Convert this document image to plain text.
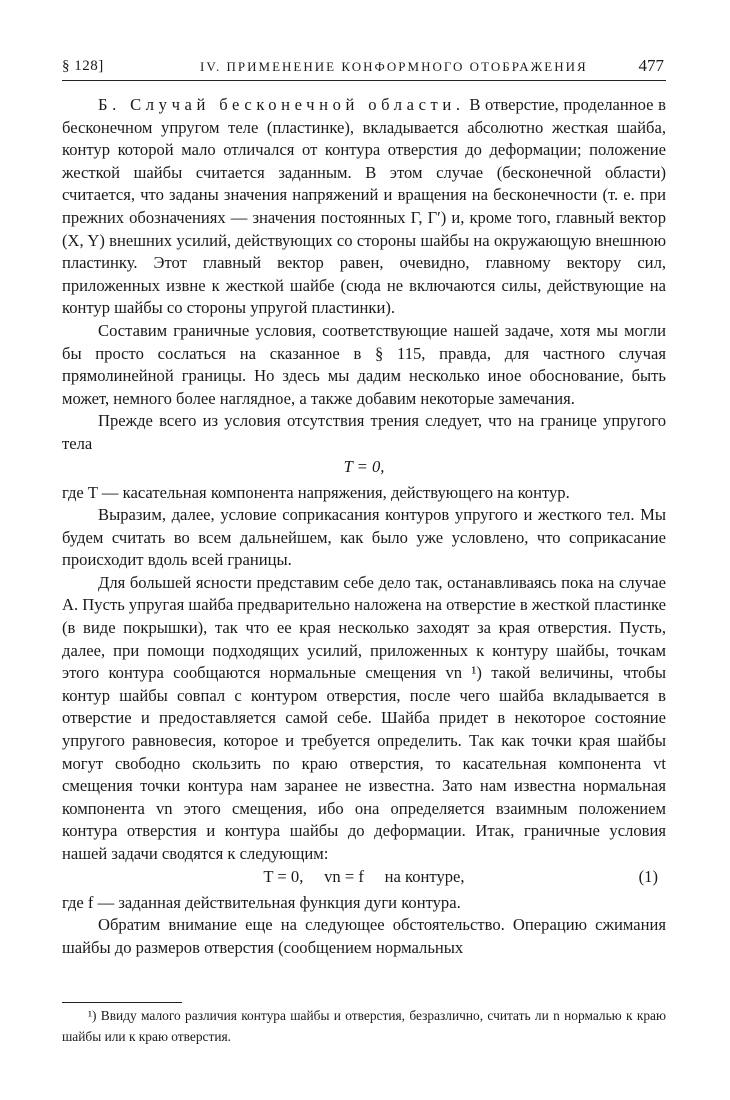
§ 128]	IV. ПРИМЕНЕНИЕ КОНФОРМНОГО ОТОБРАЖЕНИЯ	477

Б. Случай бесконечной области. В отверстие, проделанное в бесконечном упругом теле (пластинке), вкладывается абсолютно жесткая шайба, контур которой мало отличался от контура отверстия до деформации; положение жесткой шайбы считается заданным. В этом случае (бесконечной области) считается, что заданы значения напряжений и вращения на бесконечности (т. е. при прежних обозначениях — значения постоянных Г, Г′) и, кроме того, главный вектор (X, Y) внешних усилий, действующих со стороны шайбы на окружающую внешнюю пластинку. Этот главный вектор равен, очевидно, главному вектору сил, приложенных извне к жесткой шайбе (сюда не включаются силы, действующие на контур шайбы со стороны упругой пластинки).

Составим граничные условия, соответствующие нашей задаче, хотя мы могли бы просто сослаться на сказанное в § 115, правда, для частного случая прямолинейной границы. Но здесь мы дадим несколько иное обоснование, быть может, немного более наглядное, а также добавим некоторые замечания.

Прежде всего из условия отсутствия трения следует, что на границе упругого тела

T = 0,

где T — касательная компонента напряжения, действующего на контур.

Выразим, далее, условие соприкасания контуров упругого и жесткого тел. Мы будем считать во всем дальнейшем, как было уже условлено, что соприкасание происходит вдоль всей границы.

Для большей ясности представим себе дело так, останавливаясь пока на случае А. Пусть упругая шайба предварительно наложена на отверстие в жесткой пластинке (в виде покрышки), так что ее края несколько заходят за края отверстия. Пусть, далее, при помощи подходящих усилий, приложенных к контуру шайбы, точкам этого контура сообщаются нормальные смещения vn ¹) такой величины, чтобы контур шайбы совпал с контуром отверстия, после чего шайба вкладывается в отверстие и предоставляется самой себе. Шайба придет в некоторое состояние упругого равновесия, которое и требуется определить. Так как точки края шайбы могут свободно скользить по краю отверстия, то касательная компонента vt смещения точки контура нам заранее не известна. Зато нам известна нормальная компонента vn этого смещения, ибо она определяется взаимным положением контура отверстия и контура шайбы до деформации. Итак, граничные условия нашей задачи сводятся к следующим:

T = 0,     vn = f     на контуре,	(1)

где f — заданная действительная функция дуги контура.

Обратим внимание еще на следующее обстоятельство. Операцию сжимания шайбы до размеров отверстия (сообщением нормальных

¹) Ввиду малого различия контура шайбы и отверстия, безразлично, считать ли n нормалью к краю шайбы или к краю отверстия.
